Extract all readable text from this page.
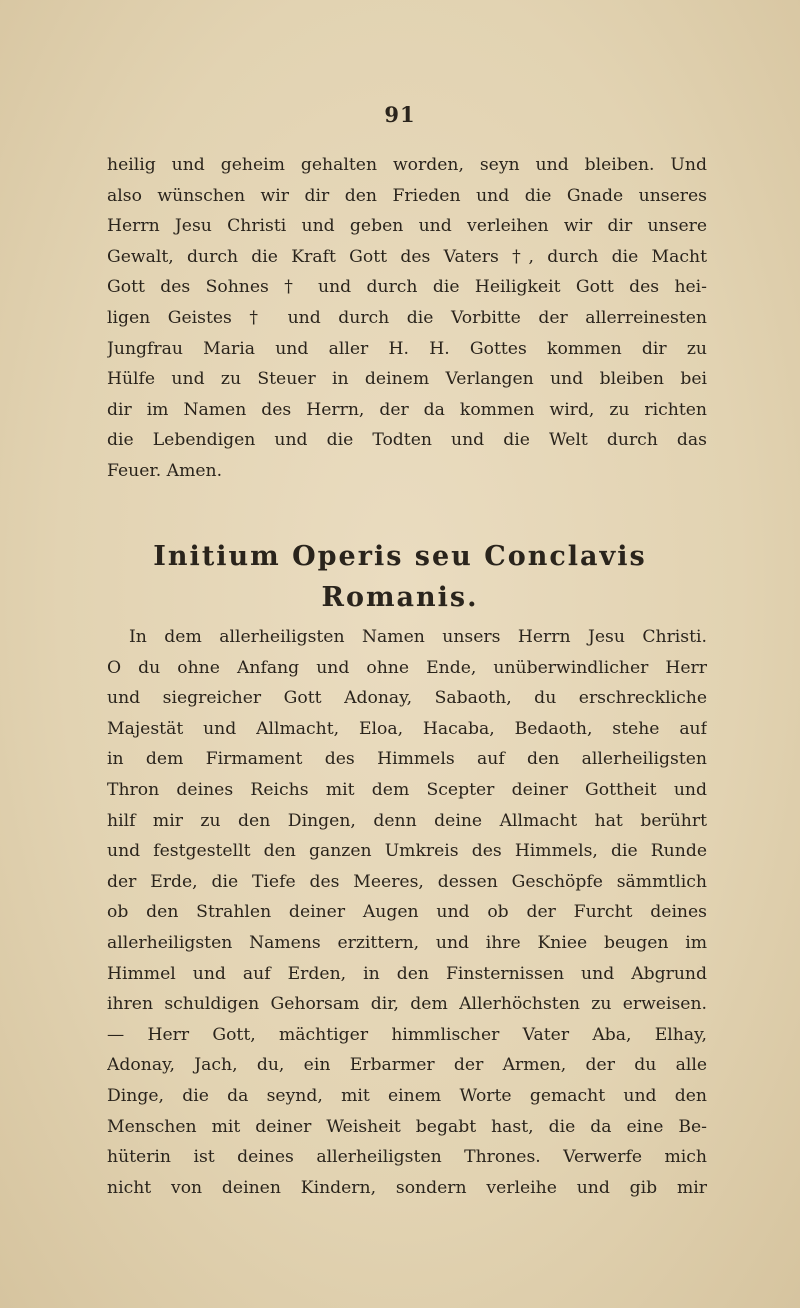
91
heilig und geheim gehalten worden, seyn und bleiben. Und
also wünschen wir dir den Frieden und die Gnade unseres
Herrn Jesu Christi und geben und verleihen wir dir unsere
Gewalt, durch die Kraft Gott des Vaters †, durch die Macht
Gott des Sohnes † und durch die Heiligkeit Gott des hei-
ligen Geistes † und durch die Vorbitte der allerreinesten
Jungfrau Maria und aller H. H. Gottes kommen dir zu
Hülfe und zu Steuer in deinem Verlangen und bleiben bei
dir im Namen des Herrn, der da kommen wird, zu richten
die Lebendigen und die Todten und die Welt durch das
Feuer. Amen.
Initium Operis seu Conclavis
Romanis.
In dem allerheiligsten Namen unsers Herrn Jesu Christi.
O du ohne Anfang und ohne Ende, unüberwindlicher Herr
und siegreicher Gott Adonay, Sabaoth, du erschreckliche
Majestät und Allmacht, Eloa, Hacaba, Bedaoth, stehe auf
in dem Firmament des Himmels auf den allerheiligsten
Thron deines Reichs mit dem Scepter deiner Gottheit und
hilf mir zu den Dingen, denn deine Allmacht hat berührt
und festgestellt den ganzen Umkreis des Himmels, die Runde
der Erde, die Tiefe des Meeres, dessen Geschöpfe sämmtlich
ob den Strahlen deiner Augen und ob der Furcht deines
allerheiligsten Namens erzittern, und ihre Kniee beugen im
Himmel und auf Erden, in den Finsternissen und Abgrund
ihren schuldigen Gehorsam dir, dem Allerhöchsten zu erweisen.
— Herr Gott, mächtiger himmlischer Vater Aba, Elhay,
Adonay, Jach, du, ein Erbarmer der Armen, der du alle
Dinge, die da seynd, mit einem Worte gemacht und den
Menschen mit deiner Weisheit begabt hast, die da eine Be-
hüterin ist deines allerheiligsten Thrones. Verwerfe mich
nicht von deinen Kindern, sondern verleihe und gib mir
